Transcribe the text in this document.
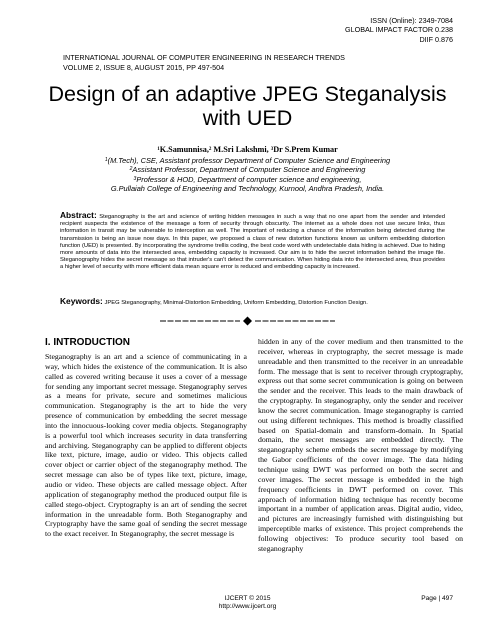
ISSN (Online): 2349-7084
GLOBAL IMPACT FACTOR 0.238
DIIF 0.876
INTERNATIONAL JOURNAL OF COMPUTER ENGINEERING IN RESEARCH TRENDS
VOLUME 2, ISSUE 8, AUGUST 2015, PP 497-504
Design of an adaptive JPEG Steganalysis
with UED
$^1$K.Samunnisa,$^2$ M.Sri Lakshmi, $^3$Dr S.Prem Kumar
$^1$(M.Tech), CSE, Assistant professor Department of Computer Science and Engineering
$^2$Assistant Professor, Department of Computer Science and Engineering
$^3$Professor & HOD, Department of computer science and engineering,
G.Pullaiah College of Engineering and Technology, Kurnool, Andhra Pradesh, India.
Abstract: Steganography is the art and science of writing hidden messages in such a way that no one apart from the sender and intended recipient suspects the existence of the message a form of security through obscurity. The internet as a whole does not use secure links, thus information in transit may be vulnerable to interception as well. The important of reducing a chance of the information being detected during the transmission is being an issue now days. In this paper, we proposed a class of new distortion functions known as uniform embedding distortion function (UED) is presented. By incorporating the syndrome trellis coding, the best code word with undetectable data hiding is achieved. Due to hiding more amounts of data into the intersected area, embedding capacity is increased. Our aim is to hide the secret information behind the image file. Steganography hides the secret message so that intruder's can't detect the communication. When hiding data into the intersected area, thus provides a higher level of security with more efficient data mean square error is reduced and embedding capacity is increased.
Keywords: JPEG Steganography, Minimal-Distortion Embedding, Uniform Embedding, Distortion Function Design.
I. INTRODUCTION
Steganography is an art and a science of communicating in a way, which hides the existence of the communication. It is also called as covered writing because it uses a cover of a message for sending any important secret message. Steganography serves as a means for private, secure and sometimes malicious communication. Steganography is the art to hide the very presence of communication by embedding the secret message into the innocuous-looking cover media objects. Steganography is a powerful tool which increases security in data transferring and archiving. Steganography can be applied to different objects like text, picture, image, audio or video. This objects called cover object or carrier object of the steganography method. The secret message can also be of types like text, picture, image, audio or video. These objects are called message object. After application of steganography method the produced output file is called stego-object. Cryptography is an art of sending the secret information in the unreadable form. Both Steganography and Cryptography have the same goal of sending the secret message to the exact receiver. In Steganography, the secret message is
hidden in any of the cover medium and then transmitted to the receiver, whereas in cryptography, the secret message is made unreadable and then transmitted to the receiver in an unreadable form. The message that is sent to receiver through cryptography, express out that some secret communication is going on between the sender and the receiver. This leads to the main drawback of the cryptography. In steganography, only the sender and receiver know the secret communication. Image steganography is carried out using different techniques. This method is broadly classified based on Spatial-domain and transform-domain. In Spatial domain, the secret messages are embedded directly. The steganography scheme embeds the secret message by modifying the Gabor coefficients of the cover image. The data hiding technique using DWT was performed on both the secret and cover images. The secret message is embedded in the high frequency coefficients in DWT performed on cover. This approach of information hiding technique has recently become important in a number of application areas. Digital audio, video, and pictures are increasingly furnished with distinguishing but imperceptible marks of existence. This project comprehends the following objectives: To produce security tool based on steganography
IJCERT © 2015
http://www.ijcert.org
Page | 497
